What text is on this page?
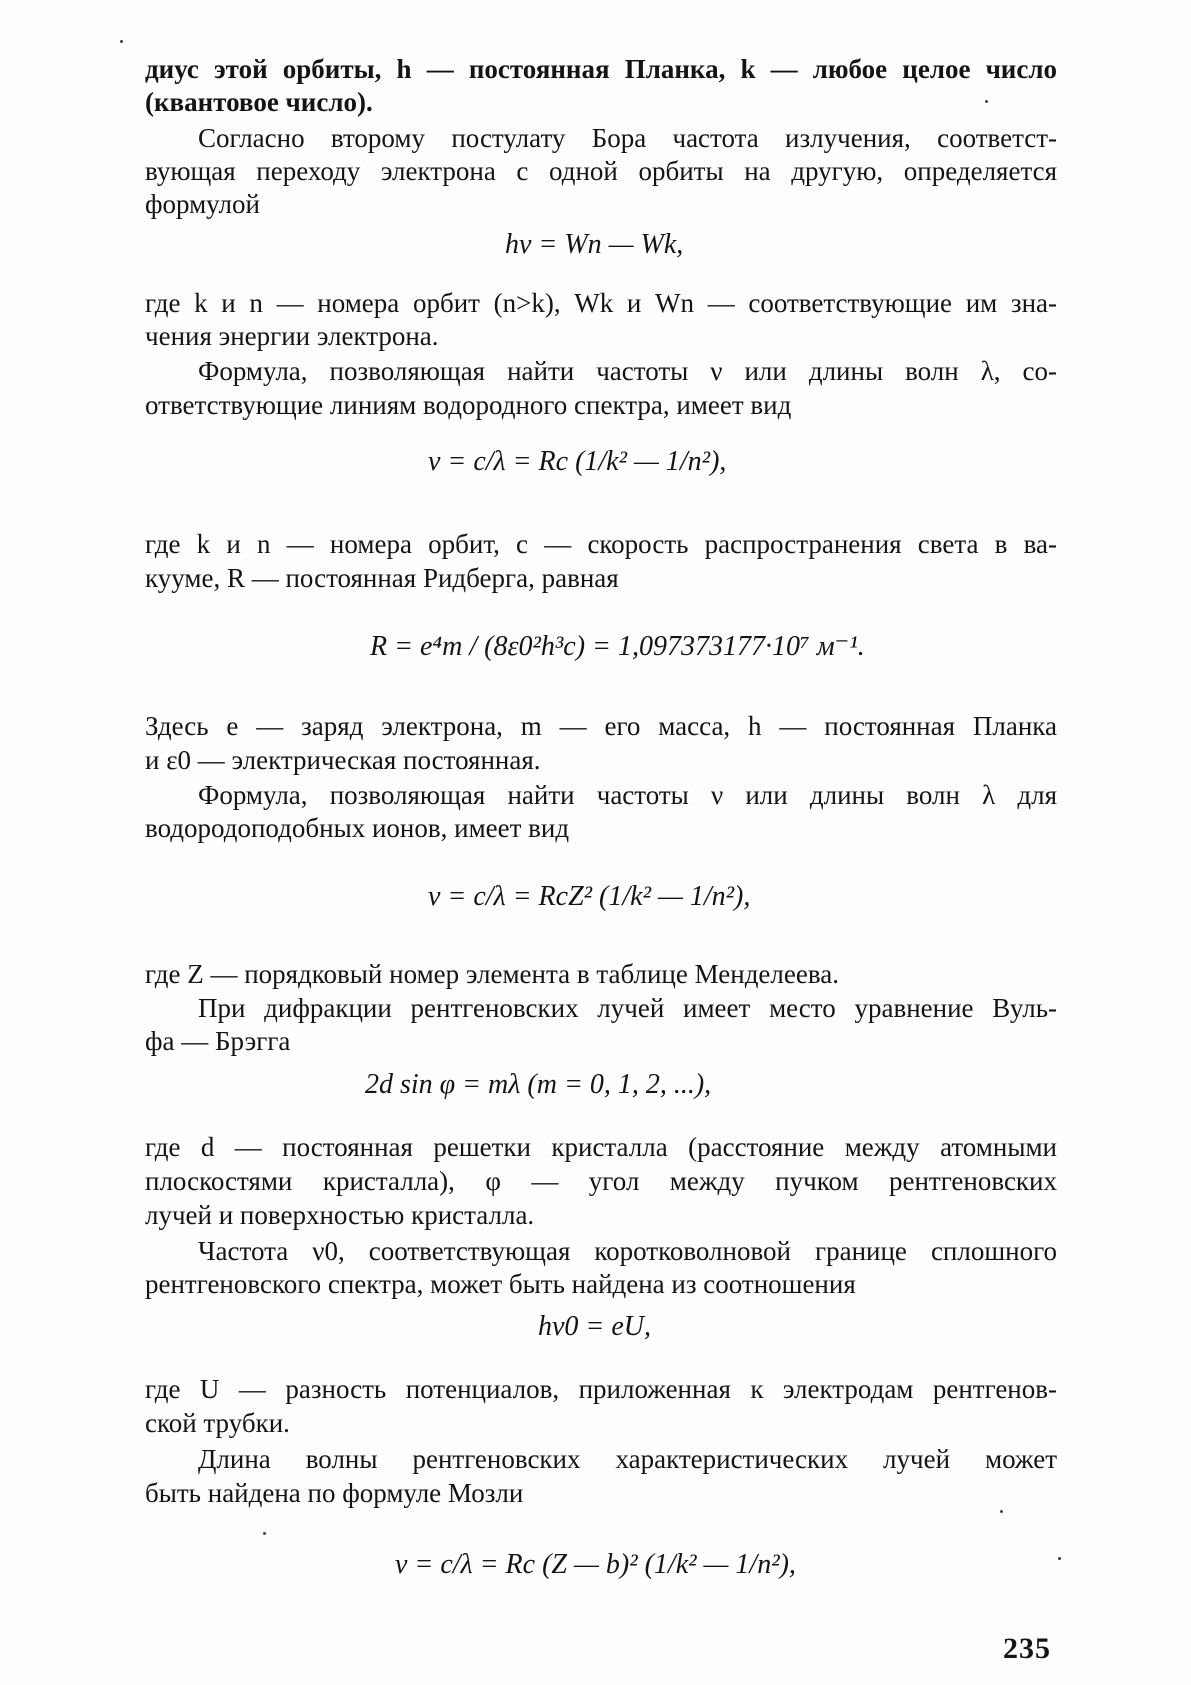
диус этой орбиты, h — постоянная Планка, k — любое целое число
(квантовое число).
Согласно второму постулату Бора частота излучения, соответст-
вующая переходу электрона с одной орбиты на другую, определяется
формулой
hν = Wn — Wk,
где k и n — номера орбит (n>k), Wk и Wn — соответствующие им зна-
чения энергии электрона.
Формула, позволяющая найти частоты ν или длины волн λ, со-
ответствующие линиям водородного спектра, имеет вид
ν = c/λ = Rc (1/k² — 1/n²),
где k и n — номера орбит, c — скорость распространения света в ва-
кууме, R — постоянная Ридберга, равная
R = e⁴m / (8ε0²h³c) = 1,097373177·10⁷ м⁻¹.
Здесь e — заряд электрона, m — его масса, h — постоянная Планка
и ε0 — электрическая постоянная.
Формула, позволяющая найти частоты ν или длины волн λ для
водородоподобных ионов, имеет вид
ν = c/λ = RcZ² (1/k² — 1/n²),
где Z — порядковый номер элемента в таблице Менделеева.
При дифракции рентгеновских лучей имеет место уравнение Вуль-
фа — Брэгга
2d sin φ = mλ (m = 0, 1, 2, ...),
где d — постоянная решетки кристалла (расстояние между атомными
плоскостями кристалла), φ — угол между пучком рентгеновских
лучей и поверхностью кристалла.
Частота ν0, соответствующая коротковолновой границе сплошного
рентгеновского спектра, может быть найдена из соотношения
hν0 = eU,
где U — разность потенциалов, приложенная к электродам рентгенов-
ской трубки.
Длина волны рентгеновских характеристических лучей может
быть найдена по формуле Мозли
ν = c/λ = Rc (Z — b)² (1/k² — 1/n²),
235
